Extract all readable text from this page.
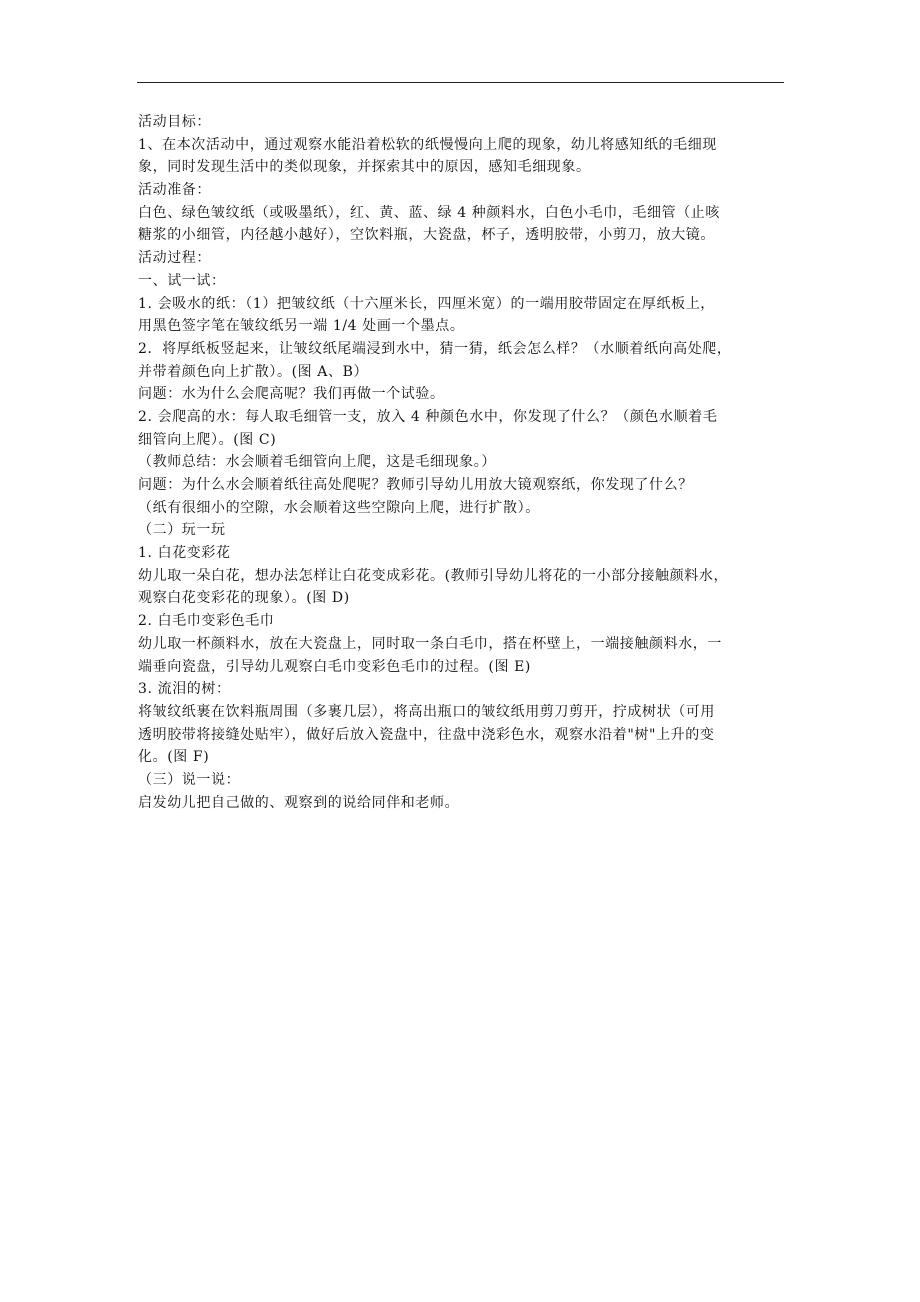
活动目标：
1、在本次活动中，通过观察水能沿着松软的纸慢慢向上爬的现象，幼儿将感知纸的毛细现
象，同时发现生活中的类似现象，并探索其中的原因，感知毛细现象。
活动准备：
白色、绿色皱纹纸（或吸墨纸），红、黄、蓝、绿 4 种颜料水，白色小毛巾，毛细管（止咳
糖浆的小细管，内径越小越好），空饮料瓶，大瓷盘，杯子，透明胶带，小剪刀，放大镜。
活动过程：
一、试一试：
1. 会吸水的纸：（1）把皱纹纸（十六厘米长，四厘米宽）的一端用胶带固定在厚纸板上，
用黑色签字笔在皱纹纸另一端 1/4 处画一个墨点。
2．将厚纸板竖起来，让皱纹纸尾端浸到水中，猜一猜，纸会怎么样？（水顺着纸向高处爬，
并带着颜色向上扩散）。(图 A、B）
问题：水为什么会爬高呢？我们再做一个试验。
2. 会爬高的水：每人取毛细管一支，放入 4 种颜色水中，你发现了什么？（颜色水顺着毛
细管向上爬）。(图 C)
（教师总结：水会顺着毛细管向上爬，这是毛细现象。）
问题：为什么水会顺着纸往高处爬呢？教师引导幼儿用放大镜观察纸，你发现了什么？
（纸有很细小的空隙，水会顺着这些空隙向上爬，进行扩散）。
（二）玩一玩
1. 白花变彩花
幼儿取一朵白花，想办法怎样让白花变成彩花。(教师引导幼儿将花的一小部分接触颜料水，
观察白花变彩花的现象）。(图 D)
2. 白毛巾变彩色毛巾
幼儿取一杯颜料水，放在大瓷盘上，同时取一条白毛巾，搭在杯壁上，一端接触颜料水，一
端垂向瓷盘，引导幼儿观察白毛巾变彩色毛巾的过程。(图 E)
3. 流泪的树：
将皱纹纸裹在饮料瓶周围（多裹几层），将高出瓶口的皱纹纸用剪刀剪开，拧成树状（可用
透明胶带将接缝处贴牢），做好后放入瓷盘中，往盘中浇彩色水，观察水沿着"树"上升的变
化。(图 F)
（三）说一说：
启发幼儿把自己做的、观察到的说给同伴和老师。
